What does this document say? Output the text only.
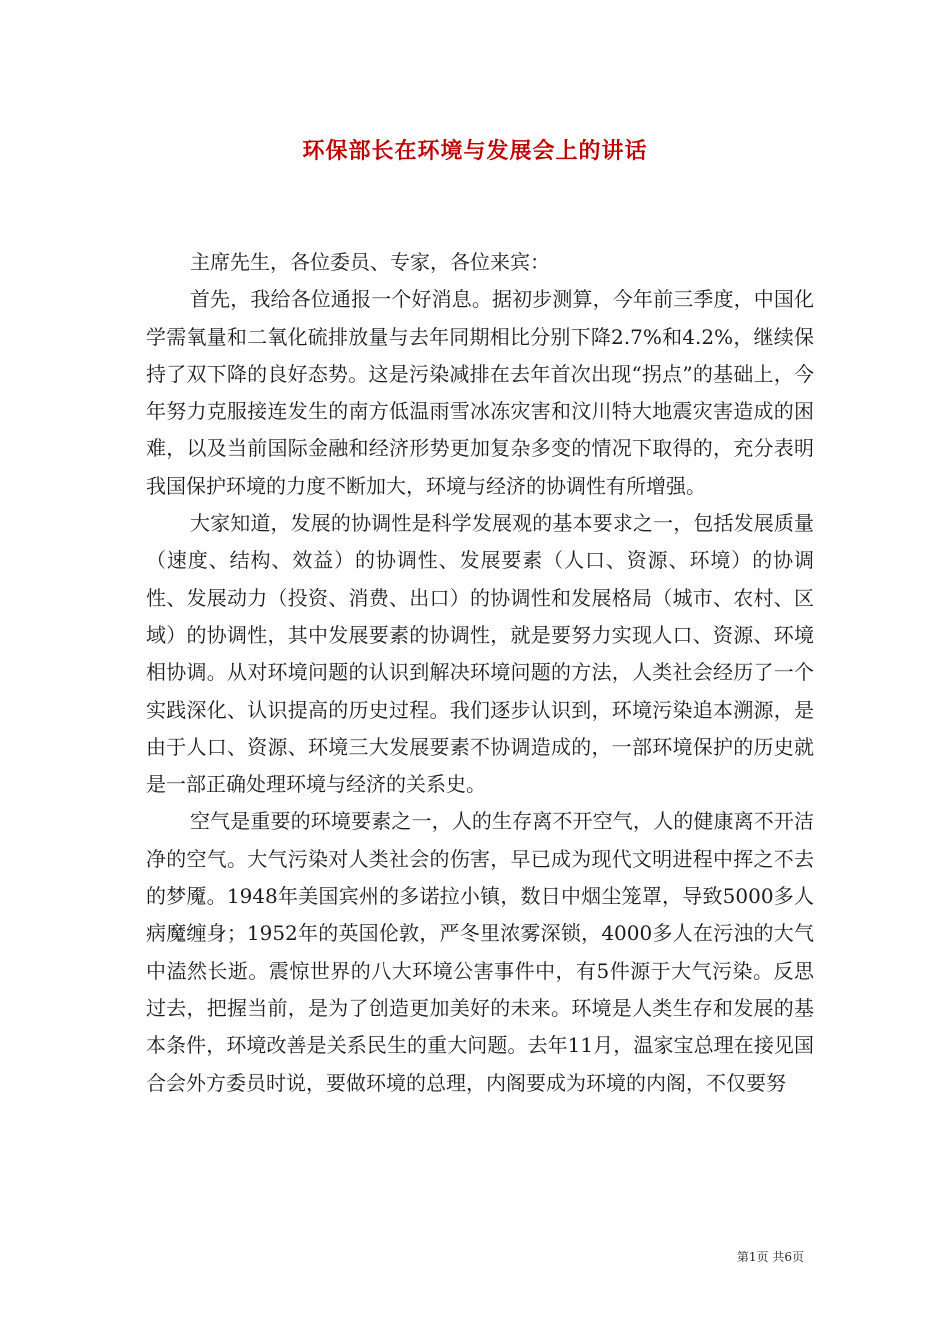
环保部长在环境与发展会上的讲话

主席先生，各位委员、专家，各位来宾：

首先，我给各位通报一个好消息。据初步测算，今年前三季度，中国化学需氧量和二氧化硫排放量与去年同期相比分别下降2.7%和4.2%，继续保持了双下降的良好态势。这是污染减排在去年首次出现“拐点”的基础上，今年努力克服接连发生的南方低温雨雪冰冻灾害和汶川特大地震灾害造成的困难，以及当前国际金融和经济形势更加复杂多变的情况下取得的，充分表明我国保护环境的力度不断加大，环境与经济的协调性有所增强。

大家知道，发展的协调性是科学发展观的基本要求之一，包括发展质量（速度、结构、效益）的协调性、发展要素（人口、资源、环境）的协调性、发展动力（投资、消费、出口）的协调性和发展格局（城市、农村、区域）的协调性，其中发展要素的协调性，就是要努力实现人口、资源、环境相协调。从对环境问题的认识到解决环境问题的方法，人类社会经历了一个实践深化、认识提高的历史过程。我们逐步认识到，环境污染追本溯源，是由于人口、资源、环境三大发展要素不协调造成的，一部环境保护的历史就是一部正确处理环境与经济的关系史。

空气是重要的环境要素之一，人的生存离不开空气，人的健康离不开洁净的空气。大气污染对人类社会的伤害，早已成为现代文明进程中挥之不去的梦魇。1948年美国宾州的多诺拉小镇，数日中烟尘笼罩，导致5000多人病魔缠身；1952年的英国伦敦，严冬里浓雾深锁，4000多人在污浊的大气中溘然长逝。震惊世界的八大环境公害事件中，有5件源于大气污染。反思过去，把握当前，是为了创造更加美好的未来。环境是人类生存和发展的基本条件，环境改善是关系民生的重大问题。去年11月，温家宝总理在接见国合会外方委员时说，要做环境的总理，内阁要成为环境的内阁，不仅要努

第1页 共6页
